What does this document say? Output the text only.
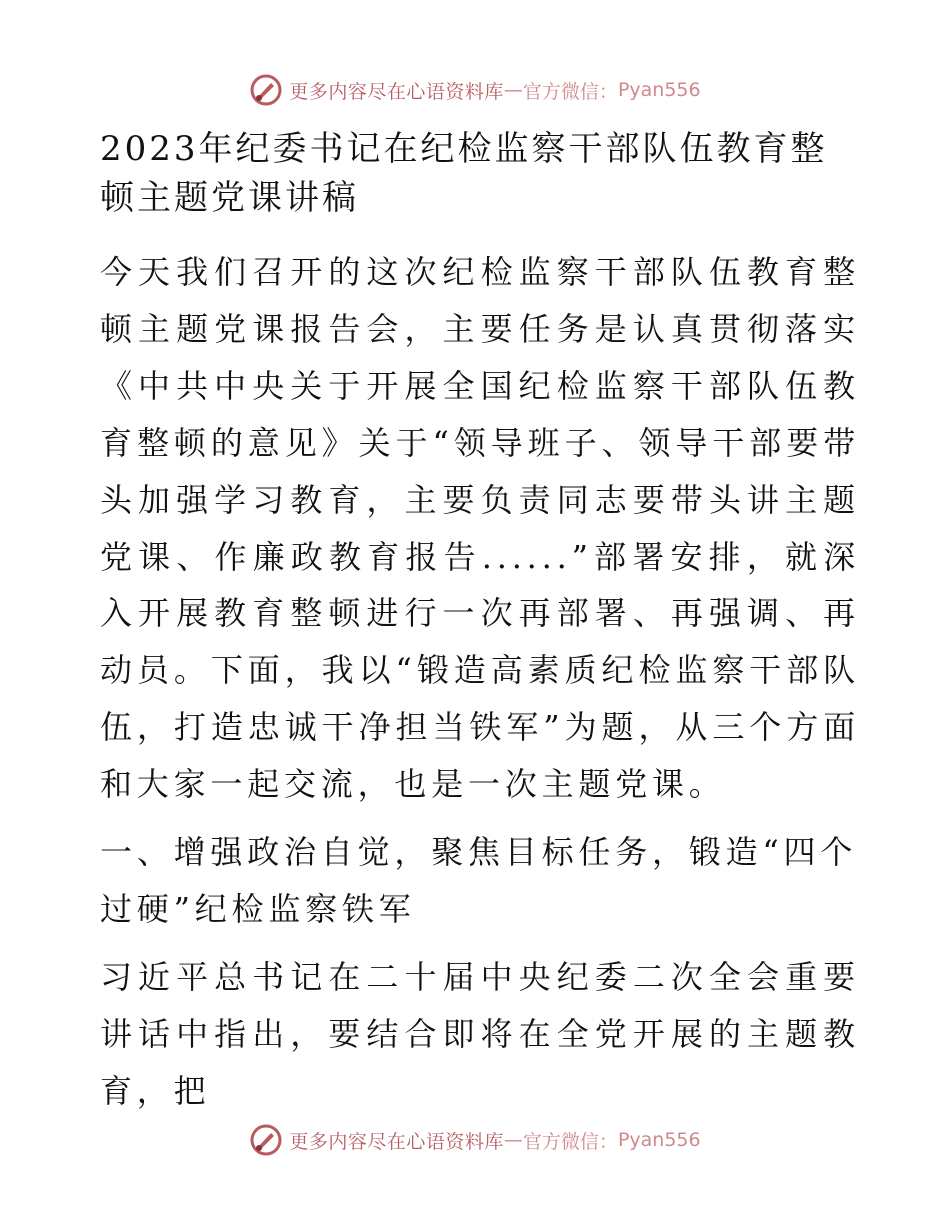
更多内容尽在心语资料库 — 官方微信： Pyan556
2023年纪委书记在纪检监察干部队伍教育整顿主题党课讲稿

今天我们召开的这次纪检监察干部队伍教育整顿主题党课报告会，主要任务是认真贯彻落实《中共中央关于开展全国纪检监察干部队伍教育整顿的意见》关于“领导班子、领导干部要带头加强学习教育，主要负责同志要带头讲主题党课、作廉政教育报告......”部署安排，就深入开展教育整顿进行一次再部署、再强调、再动员。下面，我以“锻造高素质纪检监察干部队伍，打造忠诚干净担当铁军”为题，从三个方面和大家一起交流，也是一次主题党课。

一、增强政治自觉，聚焦目标任务，锻造“四个过硬”纪检监察铁军

习近平总书记在二十届中央纪委二次全会重要讲话中指出，要结合即将在全党开展的主题教育，把

更多内容尽在心语资料库 — 官方微信： Pyan556
